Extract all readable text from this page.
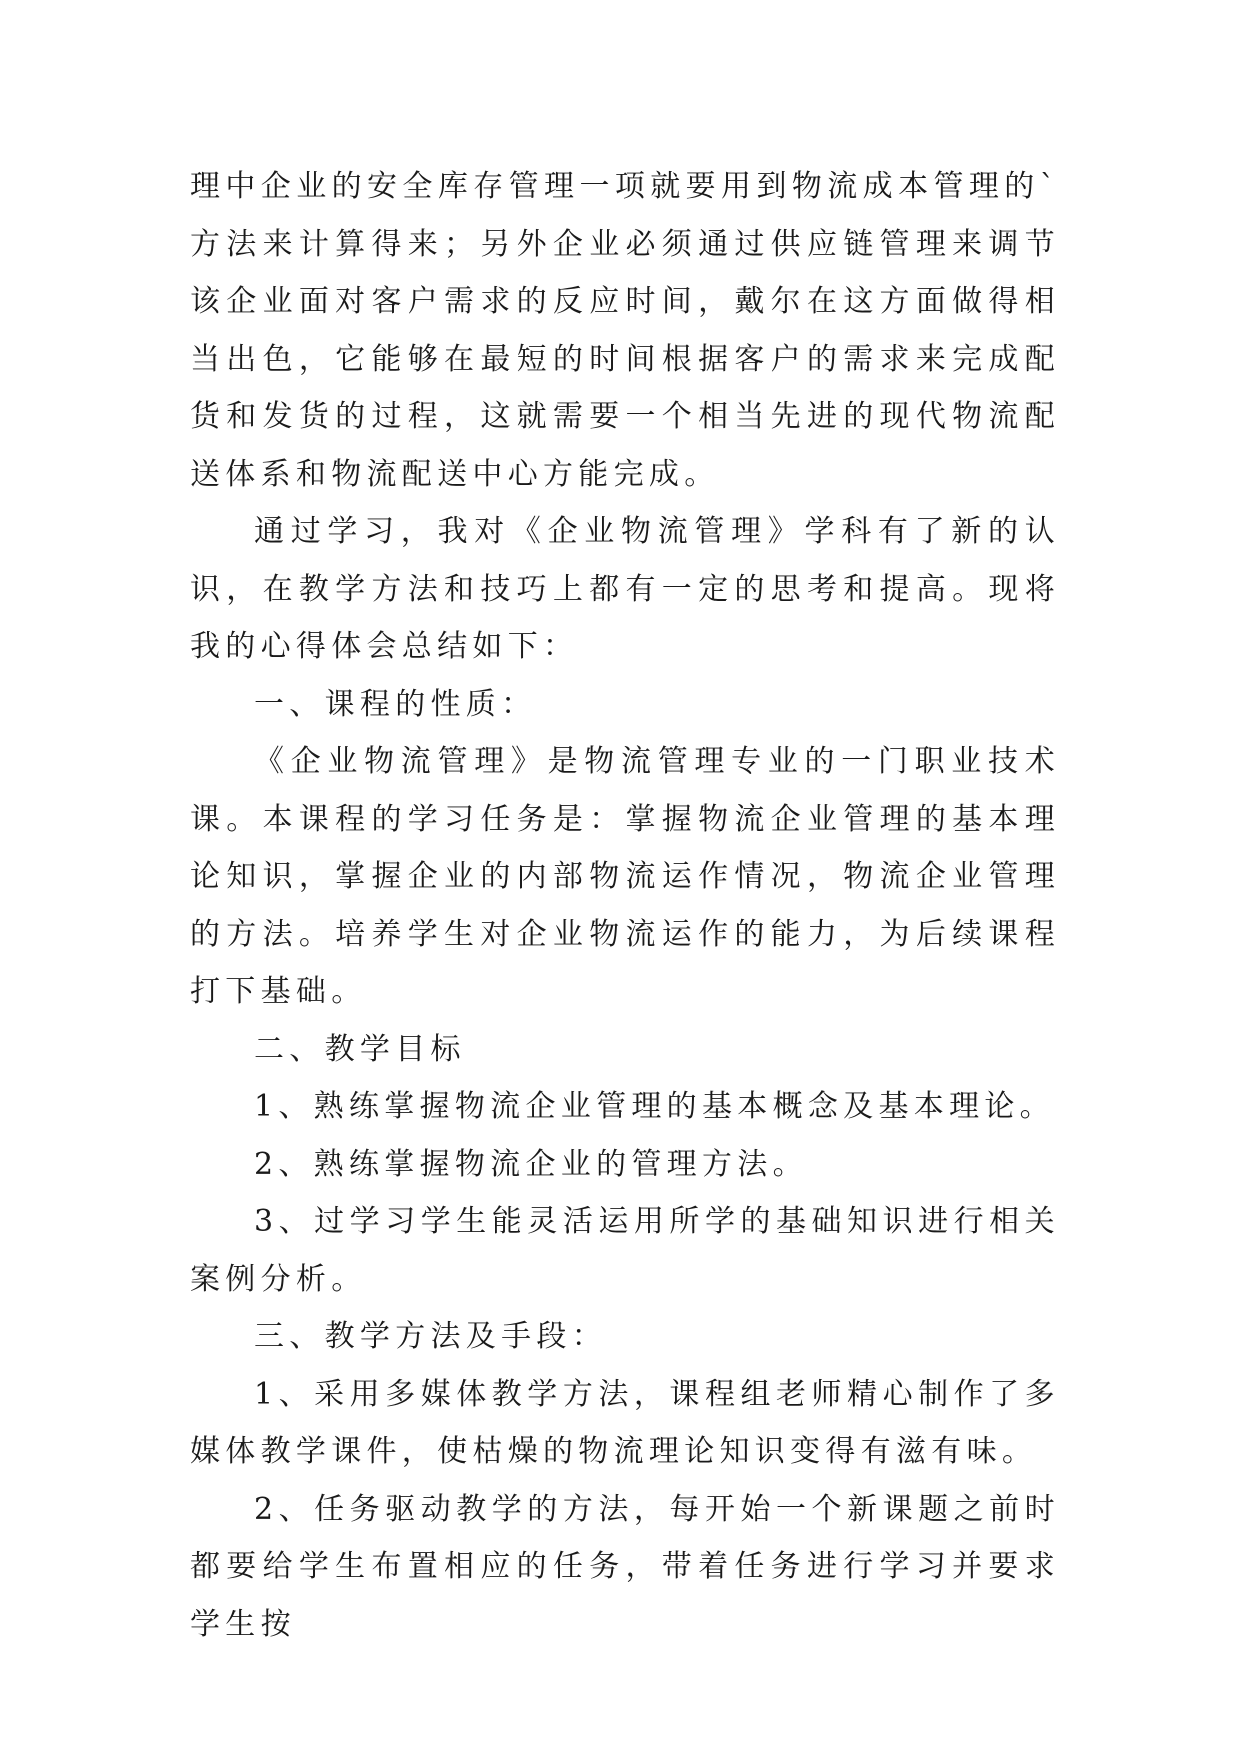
理中企业的安全库存管理一项就要用到物流成本管理的`方法来计算得来；另外企业必须通过供应链管理来调节该企业面对客户需求的反应时间，戴尔在这方面做得相当出色，它能够在最短的时间根据客户的需求来完成配货和发货的过程，这就需要一个相当先进的现代物流配送体系和物流配送中心方能完成。

通过学习，我对《企业物流管理》学科有了新的认识，在教学方法和技巧上都有一定的思考和提高。现将我的心得体会总结如下：

一、课程的性质：

《企业物流管理》是物流管理专业的一门职业技术课。本课程的学习任务是：掌握物流企业管理的基本理论知识，掌握企业的内部物流运作情况，物流企业管理的方法。培养学生对企业物流运作的能力，为后续课程打下基础。

二、教学目标

1、熟练掌握物流企业管理的基本概念及基本理论。

2、熟练掌握物流企业的管理方法。

3、过学习学生能灵活运用所学的基础知识进行相关案例分析。

三、教学方法及手段：

1、采用多媒体教学方法，课程组老师精心制作了多媒体教学课件，使枯燥的物流理论知识变得有滋有味。

2、任务驱动教学的方法，每开始一个新课题之前时都要给学生布置相应的任务，带着任务进行学习并要求学生按
